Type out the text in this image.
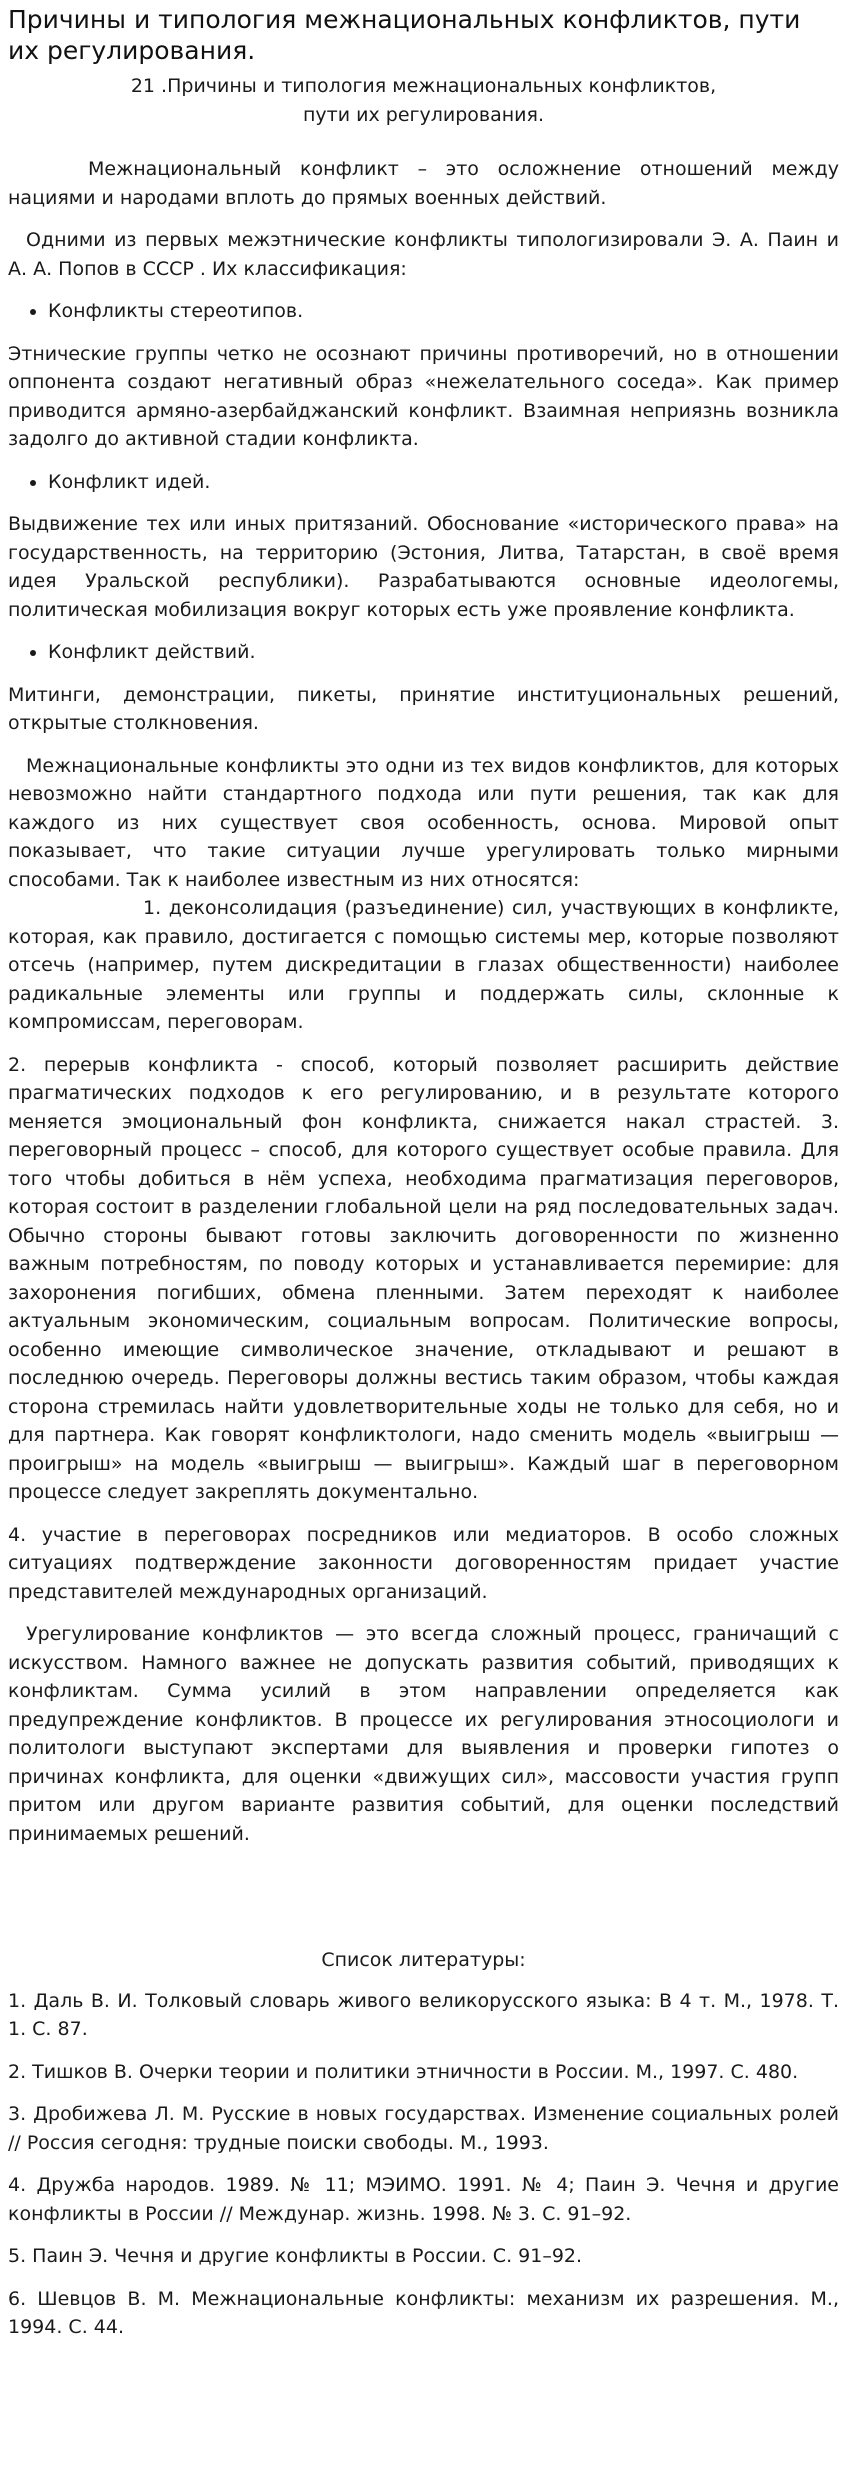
Причины и типология межнациональных конфликтов, пути их регулирования.

21 .Причины и типология межнациональных конфликтов,

пути их регулирования.

Межнациональный конфликт – это осложнение отношений между нациями и народами вплоть до прямых военных действий.

Одними из первых межэтнические конфликты типологизировали Э. А. Паин и А. А. Попов в СССР . Их классификация:

• Конфликты стереотипов.

Этнические группы четко не осознают причины противоречий, но в отношении оппонента создают негативный образ «нежелательного соседа». Как пример приводится армяно-азербайджанский конфликт. Взаимная неприязнь возникла задолго до активной стадии конфликта.

• Конфликт идей.

Выдвижение тех или иных притязаний. Обоснование «исторического права» на государственность, на территорию (Эстония, Литва, Татарстан, в своё время идея Уральской республики). Разрабатываются основные идеологемы, политическая мобилизация вокруг которых есть уже проявление конфликта.

• Конфликт действий.

Митинги, демонстрации, пикеты, принятие институциональных решений, открытые столкновения.

Межнациональные конфликты это одни из тех видов конфликтов, для которых невозможно найти стандартного подхода или пути решения, так как для каждого из них существует своя особенность, основа. Мировой опыт показывает, что такие ситуации лучше урегулировать только мирными способами. Так к наиболее известным из них относятся:

1. деконсолидация (разъединение) сил, участвующих в конфликте, которая, как правило, достигается с помощью системы мер, которые позволяют отсечь (например, путем дискредитации в глазах общественности) наиболее радикальные элементы или группы и поддержать силы, склонные к компромиссам, переговорам.

2. перерыв конфликта - способ, который позволяет расширить действие прагматических подходов к его регулированию, и в результате которого меняется эмоциональный фон конфликта, снижается накал страстей. 3. переговорный процесс – способ, для которого существует особые правила. Для того чтобы добиться в нём успеха, необходима прагматизация переговоров, которая состоит в разделении глобальной цели на ряд последовательных задач. Обычно стороны бывают готовы заключить договоренности по жизненно важным потребностям, по поводу которых и устанавливается перемирие: для захоронения погибших, обмена пленными. Затем переходят к наиболее актуальным экономическим, социальным вопросам. Политические вопросы, особенно имеющие символическое значение, откладывают и решают в последнюю очередь. Переговоры должны вестись таким образом, чтобы каждая сторона стремилась найти удовлетворительные ходы не только для себя, но и для партнера. Как говорят конфликтологи, надо сменить модель «выигрыш — проигрыш» на модель «выигрыш — выигрыш». Каждый шаг в переговорном процессе следует закреплять документально.

4. участие в переговорах посредников или медиаторов. В особо сложных ситуациях подтверждение законности договоренностям придает участие представителей международных организаций.

Урегулирование конфликтов — это всегда сложный процесс, граничащий с искусством. Намного важнее не допускать развития событий, приводящих к конфликтам. Сумма усилий в этом направлении определяется как предупреждение конфликтов. В процессе их регулирования этносоциологи и политологи выступают экспертами для выявления и проверки гипотез о причинах конфликта, для оценки «движущих сил», массовости участия групп притом или другом варианте развития событий, для оценки последствий принимаемых решений.

Список литературы:

1. Даль В. И. Толковый словарь живого великорусского языка: В 4 т. М., 1978. Т. 1. С. 87.

2. Тишков В. Очерки теории и политики этничности в России. М., 1997. С. 480.

3. Дробижева Л. М. Русские в новых государствах. Изменение социальных ролей // Россия сегодня: трудные поиски свободы. М., 1993.

4. Дружба народов. 1989. № 11; МЭИМО. 1991. № 4; Паин Э. Чечня и другие конфликты в России // Междунар. жизнь. 1998. № 3. С. 91–92.

5. Паин Э. Чечня и другие конфликты в России. С. 91–92.

6. Шевцов В. М. Межнациональные конфликты: механизм их разрешения. М., 1994. С. 44.
